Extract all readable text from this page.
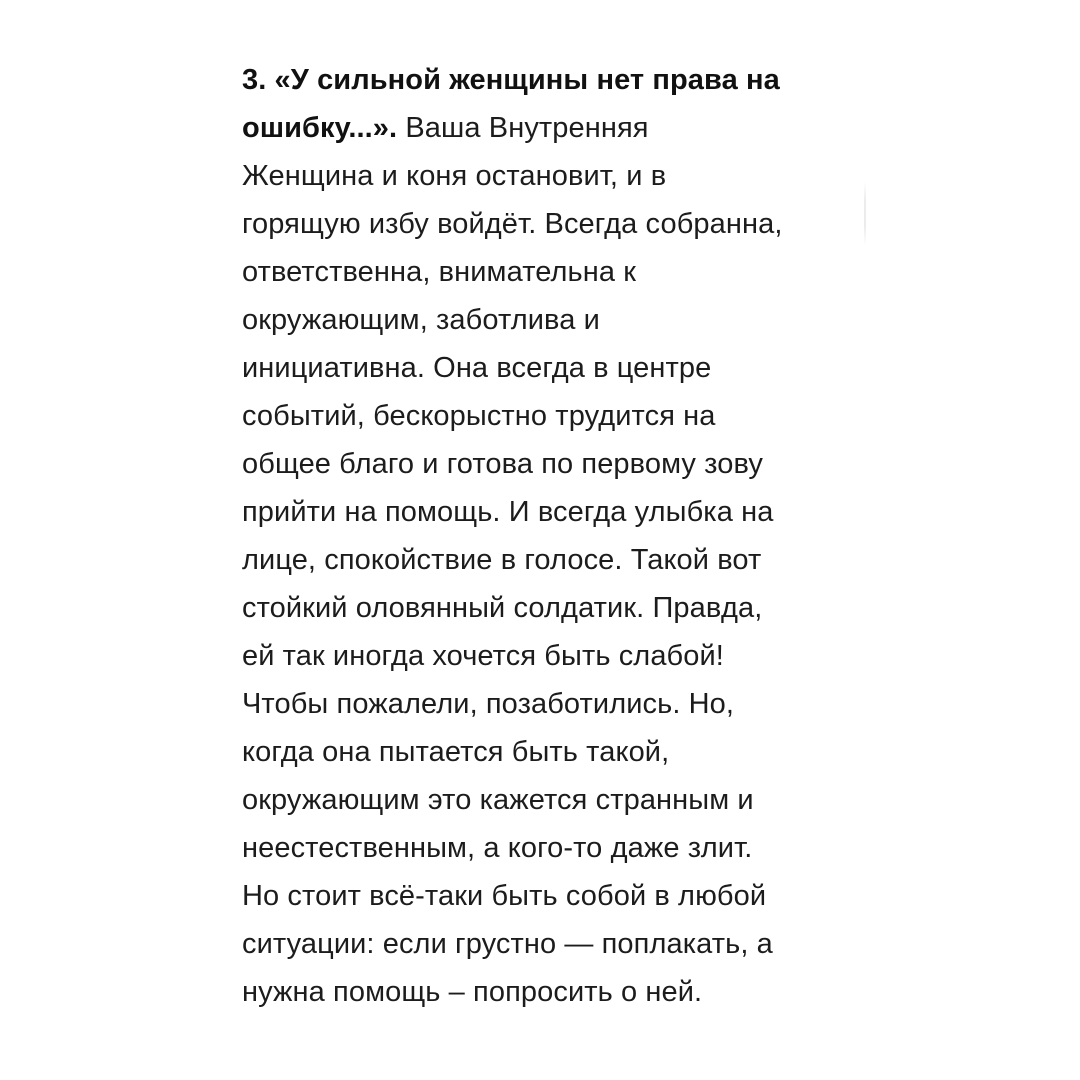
3. «У сильной женщины нет права на
ошибку...». Ваша Внутренняя
Женщина и коня остановит, и в
горящую избу войдёт. Всегда собранна,
ответственна, внимательна к
окружающим, заботлива и
инициативна. Она всегда в центре
событий, бескорыстно трудится на
общее благо и готова по первому зову
прийти на помощь. И всегда улыбка на
лице, спокойствие в голосе. Такой вот
стойкий оловянный солдатик. Правда,
ей так иногда хочется быть слабой!
Чтобы пожалели, позаботились. Но,
когда она пытается быть такой,
окружающим это кажется странным и
неестественным, а кого-то даже злит.
Но стоит всё-таки быть собой в любой
ситуации: если грустно — поплакать, а
нужна помощь – попросить о ней.
